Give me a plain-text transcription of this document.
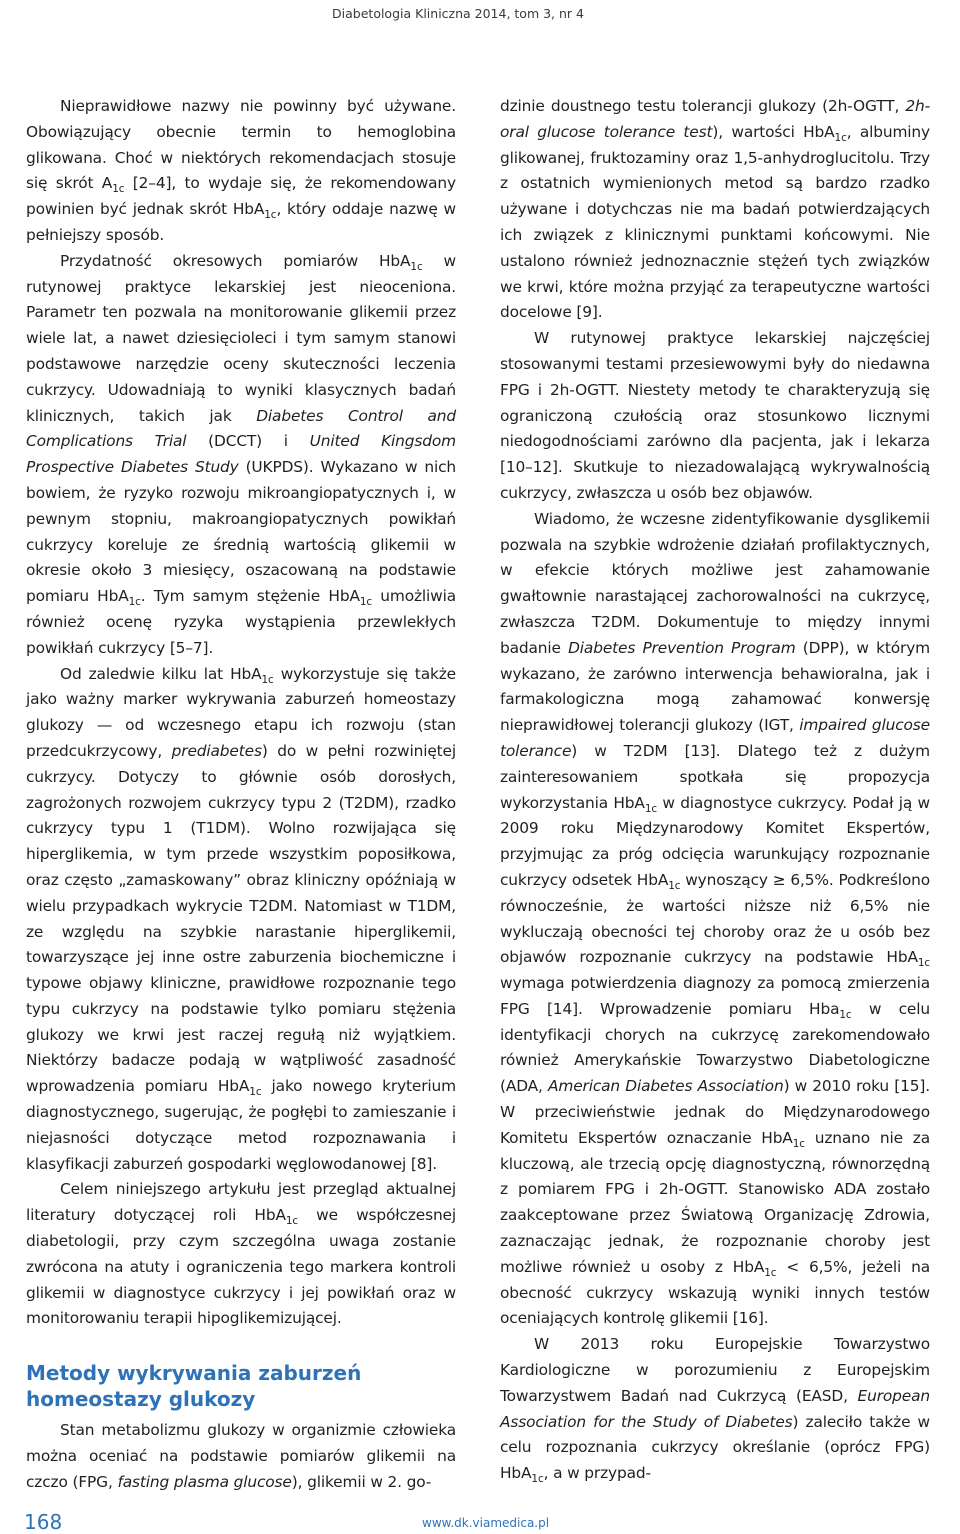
Diabetologia Kliniczna 2014, tom 3, nr 4

Nieprawidłowe nazwy nie powinny być używane. Obowiązujący obecnie termin to hemoglobina glikowana. Choć w niektórych rekomendacjach stosuje się skrót $A_{1c}$ [2–4], to wydaje się, że rekomendowany powinien być jednak skrót HbA$_{1c}$, który oddaje nazwę w pełniejszy sposób.

Przydatność okresowych pomiarów HbA$_{1c}$ w rutynowej praktyce lekarskiej jest nieoceniona. Parametr ten pozwala na monitorowanie glikemii przez wiele lat, a nawet dziesięcioleci i tym samym stanowi podstawowe narzędzie oceny skuteczności leczenia cukrzycy. Udowadniają to wyniki klasycznych badań klinicznych, takich jak Diabetes Control and Complications Trial (DCCT) i United Kingsdom Prospective Diabetes Study (UKPDS). Wykazano w nich bowiem, że ryzyko rozwoju mikroangiopatycznych i, w pewnym stopniu, makroangiopatycznych powikłań cukrzycy koreluje ze średnią wartością glikemii w okresie około 3 miesięcy, oszacowaną na podstawie pomiaru HbA$_{1c}$. Tym samym stężenie HbA$_{1c}$ umożliwia również ocenę ryzyka wystąpienia przewlekłych powikłań cukrzycy [5–7].

Od zaledwie kilku lat HbA$_{1c}$ wykorzystuje się także jako ważny marker wykrywania zaburzeń homeostazy glukozy — od wczesnego etapu ich rozwoju (stan przedcukrzycowy, prediabetes) do w pełni rozwiniętej cukrzycy. Dotyczy to głównie osób dorosłych, zagrożonych rozwojem cukrzycy typu 2 (T2DM), rzadko cukrzycy typu 1 (T1DM). Wolno rozwijająca się hiperglikemia, w tym przede wszystkim poposiłkowa, oraz często „zamaskowany” obraz kliniczny opóźniają w wielu przypadkach wykrycie T2DM. Natomiast w T1DM, ze względu na szybkie narastanie hiperglikemii, towarzyszące jej inne ostre zaburzenia biochemiczne i typowe objawy kliniczne, prawidłowe rozpoznanie tego typu cukrzycy na podstawie tylko pomiaru stężenia glukozy we krwi jest raczej regułą niż wyjątkiem. Niektórzy badacze podają w wątpliwość zasadność wprowadzenia pomiaru HbA$_{1c}$ jako nowego kryterium diagnostycznego, sugerując, że pogłębi to zamieszanie i niejasności dotyczące metod rozpoznawania i klasyfikacji zaburzeń gospodarki węglowodanowej [8].

Celem niniejszego artykułu jest przegląd aktualnej literatury dotyczącej roli HbA$_{1c}$ we współczesnej diabetologii, przy czym szczególna uwaga zostanie zwrócona na atuty i ograniczenia tego markera kontroli glikemii w diagnostyce cukrzycy i jej powikłań oraz w monitorowaniu terapii hipoglikemizującej.

Metody wykrywania zaburzeń homeostazy glukozy

Stan metabolizmu glukozy w organizmie człowieka można oceniać na podstawie pomiarów glikemii na czczo (FPG, fasting plasma glucose), glikemii w 2. go-

dzinie doustnego testu tolerancji glukozy (2h-OGTT, 2h-oral glucose tolerance test), wartości HbA$_{1c}$, albuminy glikowanej, fruktozaminy oraz 1,5-anhydroglucitolu. Trzy z ostatnich wymienionych metod są bardzo rzadko używane i dotychczas nie ma badań potwierdzających ich związek z klinicznymi punktami końcowymi. Nie ustalono również jednoznacznie stężeń tych związków we krwi, które można przyjąć za terapeutyczne wartości docelowe [9].

W rutynowej praktyce lekarskiej najczęściej stosowanymi testami przesiewowymi były do niedawna FPG i 2h-OGTT. Niestety metody te charakteryzują się ograniczoną czułością oraz stosunkowo licznymi niedogodnościami zarówno dla pacjenta, jak i lekarza [10–12]. Skutkuje to niezadowalającą wykrywalnością cukrzycy, zwłaszcza u osób bez objawów.

Wiadomo, że wczesne zidentyfikowanie dysglikemii pozwala na szybkie wdrożenie działań profilaktycznych, w efekcie których możliwe jest zahamowanie gwałtownie narastającej zachorowalności na cukrzycę, zwłaszcza T2DM. Dokumentuje to między innymi badanie Diabetes Prevention Program (DPP), w którym wykazano, że zarówno interwencja behawioralna, jak i farmakologiczna mogą zahamować konwersję nieprawidłowej tolerancji glukozy (IGT, impaired glucose tolerance) w T2DM [13]. Dlatego też z dużym zainteresowaniem spotkała się propozycja wykorzystania HbA$_{1c}$ w diagnostyce cukrzycy. Podał ją w 2009 roku Międzynarodowy Komitet Ekspertów, przyjmując za próg odcięcia warunkujący rozpoznanie cukrzycy odsetek HbA$_{1c}$ wynoszący ≥ 6,5%. Podkreślono równocześnie, że wartości niższe niż 6,5% nie wykluczają obecności tej choroby oraz że u osób bez objawów rozpoznanie cukrzycy na podstawie HbA$_{1c}$ wymaga potwierdzenia diagnozy za pomocą zmierzenia FPG [14]. Wprowadzenie pomiaru Hba$_{1c}$ w celu identyfikacji chorych na cukrzycę zarekomendowało również Amerykańskie Towarzystwo Diabetologiczne (ADA, American Diabetes Association) w 2010 roku [15]. W przeciwieństwie jednak do Międzynarodowego Komitetu Ekspertów oznaczanie HbA$_{1c}$ uznano nie za kluczową, ale trzecią opcję diagnostyczną, równorzędną z pomiarem FPG i 2h-OGTT. Stanowisko ADA zostało zaakceptowane przez Światową Organizację Zdrowia, zaznaczając jednak, że rozpoznanie choroby jest możliwe również u osoby z HbA$_{1c}$ < 6,5%, jeżeli na obecność cukrzycy wskazują wyniki innych testów oceniających kontrolę glikemii [16].

W 2013 roku Europejskie Towarzystwo Kardiologiczne w porozumieniu z Europejskim Towarzystwem Badań nad Cukrzycą (EASD, European Association for the Study of Diabetes) zaleciło także w celu rozpoznania cukrzycy określanie (oprócz FPG) HbA$_{1c}$, a w przypad-

168	www.dk.viamedica.pl
